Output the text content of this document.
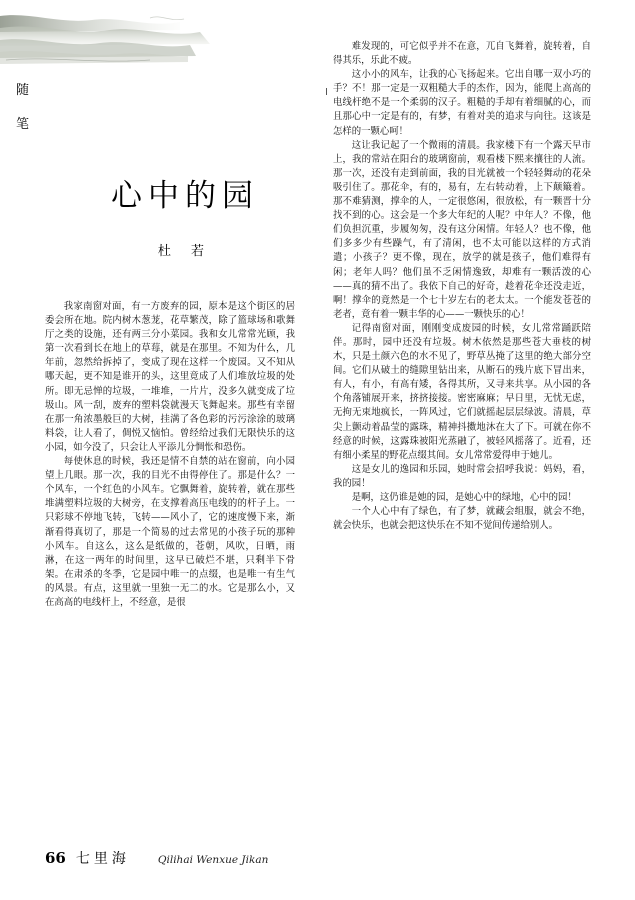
随
笔
心中的园
杜 若

我家南窗对面，有一方废弃的园，原本是这个街区的居委会所在地。院内树木葱茏，花草繁茂，除了篮球场和歌舞厅之类的设施，还有两三分小菜园。我和女儿常常光顾，我第一次看到长在地上的草莓，就是在那里。不知为什么，几年前，忽然给拆掉了，变成了现在这样一个废园。又不知从哪天起，更不知是谁开的头，这里竟成了人们堆放垃圾的处所。即无忌惮的垃圾，一堆堆，一片片，没多久就变成了垃圾山。风一刮，废弃的塑料袋就漫天飞舞起来。那些有幸留在那一角浓墨般巨的大树，挂满了各色彩的污污涂涂的玻璃料袋，让人看了，倜悦又恼怕。曾经给过我们无限快乐的这小园，如今没了，只会让人平添儿分惆怅和恐伤。

每使休息的时候，我还是情不自禁的站在窗前，向小园望上几眼。那一次，我的目光不由得停住了。那是什么？一个风车，一个红色的小风车。它飘舞着，旋转着，就在那些堆满塑料垃圾的大树旁，在支撑着高压电线的的杆子上。一只彩球不停地飞转，飞转——风小了，它的速度慢下来，渐渐看得真切了，那是一个简易的过去常见的小孩子玩的那种小风车。自这么，这么是纸做的，苍朝，风吹，日晒，雨淋，在这一两年的时间里，这早已破烂不堪，只剩半下骨架。在肃杀的冬季，它是园中唯一的点缀，也是唯一有生气的风景。有点，这里就一里独一无二的水。它是那么小，又在高高的电线杆上，不经意，是很

难发现的，可它似乎并不在意，兀自飞舞着，旋转着，自得其乐，乐此不疲。

这小小的风车，让我的心飞扬起来。它出自哪一双小巧的手？不！那一定是一双粗糙大手的杰作，因为，能爬上高高的电线杆绝不是一个柔弱的汉子。粗糙的手却有着细腻的心，而且那心中一定是有的，有梦，有着对美的追求与向往。这该是怎样的一颗心呵！

这让我记起了一个微雨的清晨。我家楼下有一个露天早市上，我的常站在阳台的玻璃窗前，观看楼下熙来攘往的人流。那一次，还没有走到前面，我的目光就被一个轻轻舞动的花朵吸引住了。那花伞，有的，易有，左右转动着，上下颠簸着。那不难猜测，撑伞的人，一定很悠闲，很放松，有一颗晋十分找不到的心。这会是一个多大年纪的人呢？中年人？不像，他们负担沉重，步履匆匆，没有这分闲情。年轻人？也不像，他们多多少有些躁气，有了清闲，也不太可能以这样的方式消遣；小孩子？更不像，现在，放学的就是孩子，他们难得有闲；老年人吗？他们虽不乏闲情逸致，却难有一颗活泼的心——真的猜不出了。我依下自己的好奇，趁着花伞还没走近，啊！撑伞的竟然是一个七十岁左右的老太太。一个能发苍苍的老者，竟有着一颗丰华的心——一颗快乐的心！

记得南窗对面，刚刚变成废园的时候，女儿常常踊跃陪伴。那时，园中还没有垃圾。树木依然是那些苍大垂枝的树木，只是土颜六色的水不见了，野草丛掩了这里的绝大部分空间。它们从破土的缝隙里钻出来，从断石的残片底下冒出来，有人，有小，有高有矮，各得其所，又寻来共享。从小园的各个角落铺展开来，挤挤接接。密密麻麻；早日里，无忧无虑，无拘无束地疯长，一阵风过，它们就摇起层层绿波。清晨，草尖上颤动着晶莹的露珠，精神抖擞地沐在大了下。可就在你不经意的时候，这露珠被阳光蒸融了，被轻风摇落了。近看，还有细小柔星的野花点缀其间。女儿常常爱得申于她儿。

这是女儿的逸园和乐园，她时常会招呼我说：妈妈，看，我的园！

是啊，这仍谁是她的园，是她心中的绿地，心中的园！

一个人心中有了绿色，有了梦，就藏会组服，就会不绝，就会快乐，也就会把这快乐在不知不觉间传递给别人。

66 七里海	Qilihai Wenxue Jikan
